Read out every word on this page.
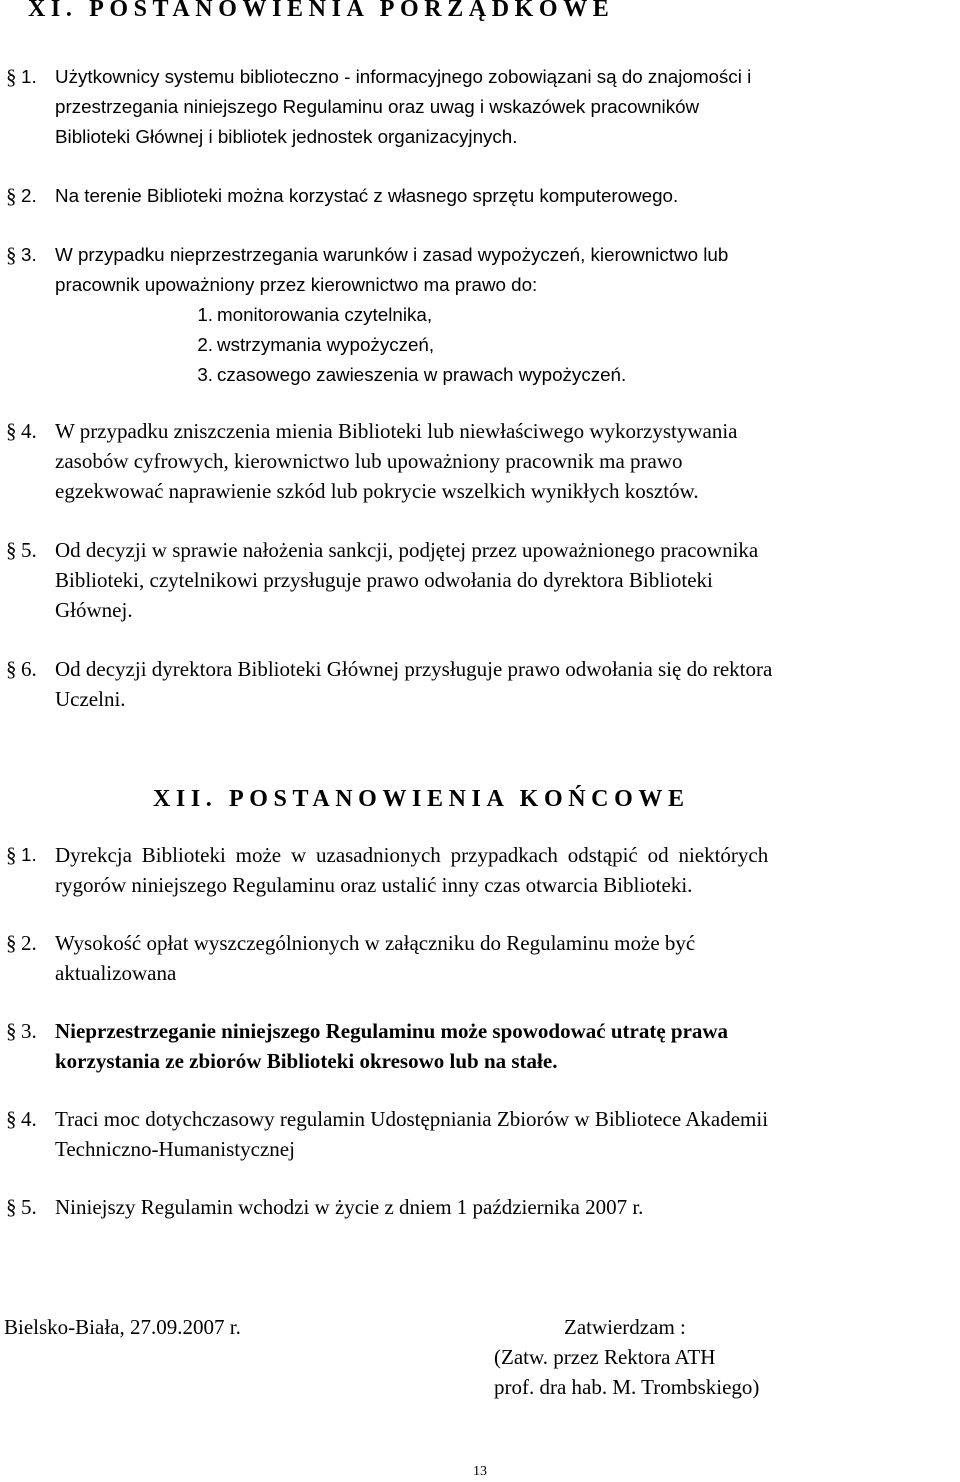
XI. POSTANOWIENIA PORZĄDKOWE
§ 1. Użytkownicy systemu biblioteczno - informacyjnego zobowiązani są do znajomości i
przestrzegania niniejszego Regulaminu oraz uwag i wskazówek pracowników
Biblioteki Głównej i bibliotek jednostek organizacyjnych.
§ 2. Na terenie Biblioteki można korzystać z własnego sprzętu komputerowego.
§ 3. W przypadku nieprzestrzegania warunków i zasad wypożyczeń, kierownictwo lub
pracownik upoważniony przez kierownictwo ma prawo do:
1. monitorowania czytelnika,
2. wstrzymania wypożyczeń,
3. czasowego zawieszenia w prawach wypożyczeń.
§ 4. W przypadku zniszczenia mienia Biblioteki lub niewłaściwego wykorzystywania
zasobów cyfrowych, kierownictwo lub upoważniony pracownik ma prawo
egzekwować naprawienie szkód lub pokrycie wszelkich wynikłych kosztów.
§ 5. Od decyzji w sprawie nałożenia sankcji, podjętej przez upoważnionego pracownika
Biblioteki, czytelnikowi przysługuje prawo odwołania do dyrektora Biblioteki
Głównej.
§ 6. Od decyzji dyrektora Biblioteki Głównej przysługuje prawo odwołania się do rektora
Uczelni.
XII. POSTANOWIENIA KOŃCOWE
§ 1. Dyrekcja Biblioteki może w uzasadnionych przypadkach odstąpić od niektórych
rygorów niniejszego Regulaminu oraz ustalić inny czas otwarcia Biblioteki.
§ 2. Wysokość opłat wyszczególnionych w załączniku do Regulaminu może być
aktualizowana
§ 3. Nieprzestrzeganie niniejszego Regulaminu może spowodować utratę prawa
korzystania ze zbiorów Biblioteki okresowo lub na stałe.
§ 4. Traci moc dotychczasowy regulamin Udostępniania Zbiorów w Bibliotece Akademii
Techniczno-Humanistycznej
§ 5. Niniejszy Regulamin wchodzi w życie z dniem 1 października 2007 r.
Bielsko-Biała, 27.09.2007 r.	Zatwierdzam :
(Zatw. przez Rektora ATH
prof. dra hab. M. Trombskiego)
13
